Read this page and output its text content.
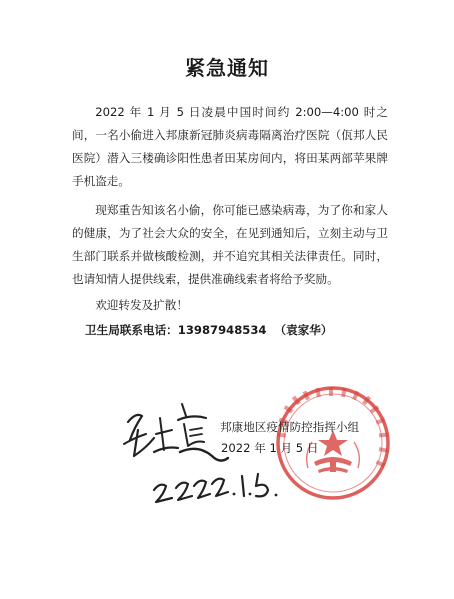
紧急通知

2022 年 1 月 5 日凌晨中国时间约 2:00—4:00 时之间，一名小偷进入邦康新冠肺炎病毒隔离治疗医院（佤邦人民医院）潜入三楼确诊阳性患者田某房间内，将田某两部苹果牌手机盗走。

现郑重告知该名小偷，你可能已感染病毒，为了你和家人的健康，为了社会大众的安全，在见到通知后，立刻主动与卫生部门联系并做核酸检测，并不追究其相关法律责任。同时，也请知情人提供线索，提供准确线索者将给予奖励。

欢迎转发及扩散！

卫生局联系电话：13987948534 （袁家华）
邦康地区疫情防控指挥小组
2022 年 1 月 5 日
